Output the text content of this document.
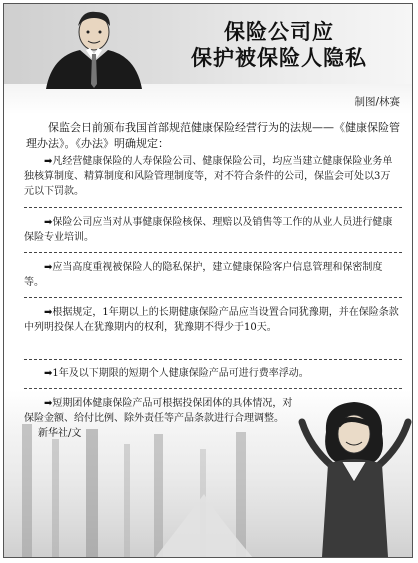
保险公司应
保护被保险人隐私
制图/林赛
保监会日前颁布我国首部规范健康保险经营行为的法规——《健康保险管理办法》。《办法》明确规定：
➡凡经营健康保险的人寿保险公司、健康保险公司，均应当建立健康保险业务单独核算制度、精算制度和风险管理制度等，对不符合条件的公司，保监会可处以3万元以下罚款。
➡保险公司应当对从事健康保险核保、理赔以及销售等工作的从业人员进行健康保险专业培训。
➡应当高度重视被保险人的隐私保护，建立健康保险客户信息管理和保密制度等。
➡根据规定，1年期以上的长期健康保险产品应当设置合同犹豫期，并在保险条款中列明投保人在犹豫期内的权利，犹豫期不得少于10天。
➡1年及以下期限的短期个人健康保险产品可进行费率浮动。
➡短期团体健康保险产品可根据投保团体的具体情况，对保险金额、给付比例、除外责任等产品条款进行合理调整。 新华社/文
